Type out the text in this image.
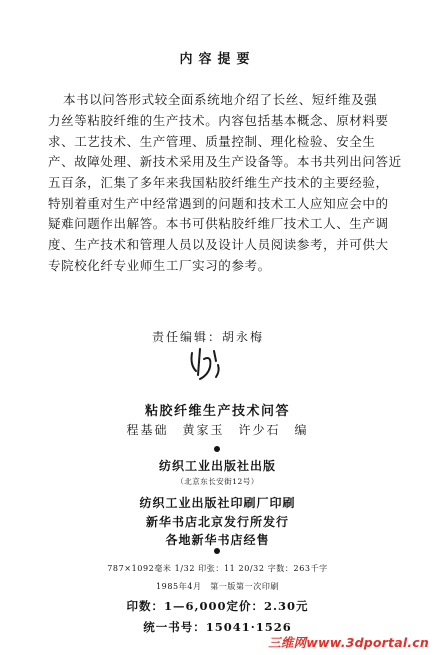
内容提要
本书以问答形式较全面系统地介绍了长丝、短纤维及强
力丝等粘胶纤维的生产技术。内容包括基本概念、原材料要
求、工艺技术、生产管理、质量控制、理化检验、安全生
产、故障处理、新技术采用及生产设备等。本书共列出问答近
五百条，汇集了多年来我国粘胶纤维生产技术的主要经验，
特别着重对生产中经常遇到的问题和技术工人应知应会中的
疑难问题作出解答。本书可供粘胶纤维厂技术工人、生产调
度、生产技术和管理人员以及设计人员阅读参考，并可供大
专院校化纤专业师生工厂实习的参考。
责任编辑：胡永梅
粘胶纤维生产技术问答
程基础　黄家玉　许少石　编
纺织工业出版社出版
（北京东长安街12号）
纺织工业出版社印刷厂印刷
新华书店北京发行所发行
各地新华书店经售
787×1092毫米 1/32 印张：11 20/32 字数：263千字
1985年4月　第一版第一次印刷
印数：1—6,000定价：2.30元
统一书号：15041·1526
三维网www.3dportal.cn
